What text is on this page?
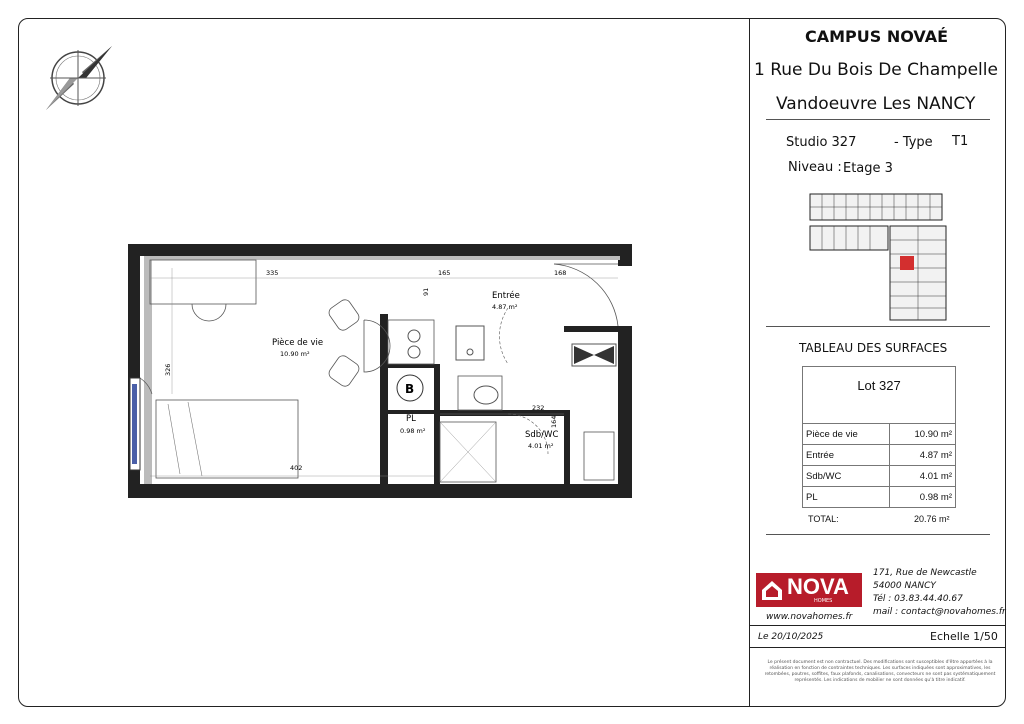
B
335	165	168
326
232
164
402
91
Pièce de vie
10.90 m²
Entrée
4.87 m²
PL
0.98 m²	Sdb/WC
4.01 m²
CAMPUS NOVAÉ
1 Rue Du Bois De Champelle
Vandoeuvre Les NANCY
Studio 327	- Type T1
Niveau : Etage 3
TABLEAU DES SURFACES
Lot 327
Pièce de vie	10.90 m²
Entrée	4.87 m²
Sdb/WC	4.01 m²
PL	0.98 m²
TOTAL:	20.76 m²
NOVA
HOMES
www.novahomes.fr
171, Rue de Newcastle
54000 NANCY
Tél : 03.83.44.40.67
mail : contact@novahomes.fr
Le 20/10/2025	Echelle 1/50
Le présent document est non contractuel. Des modifications sont susceptibles d'être apportées à la réalisation en fonction de contraintes techniques. Les surfaces indiquées sont approximatives, les retombées, poutres, soffites, faux plafonds, canalisations, convecteurs ne sont pas systématiquement représentés. Les indications de mobilier ne sont données qu'à titre indicatif.
